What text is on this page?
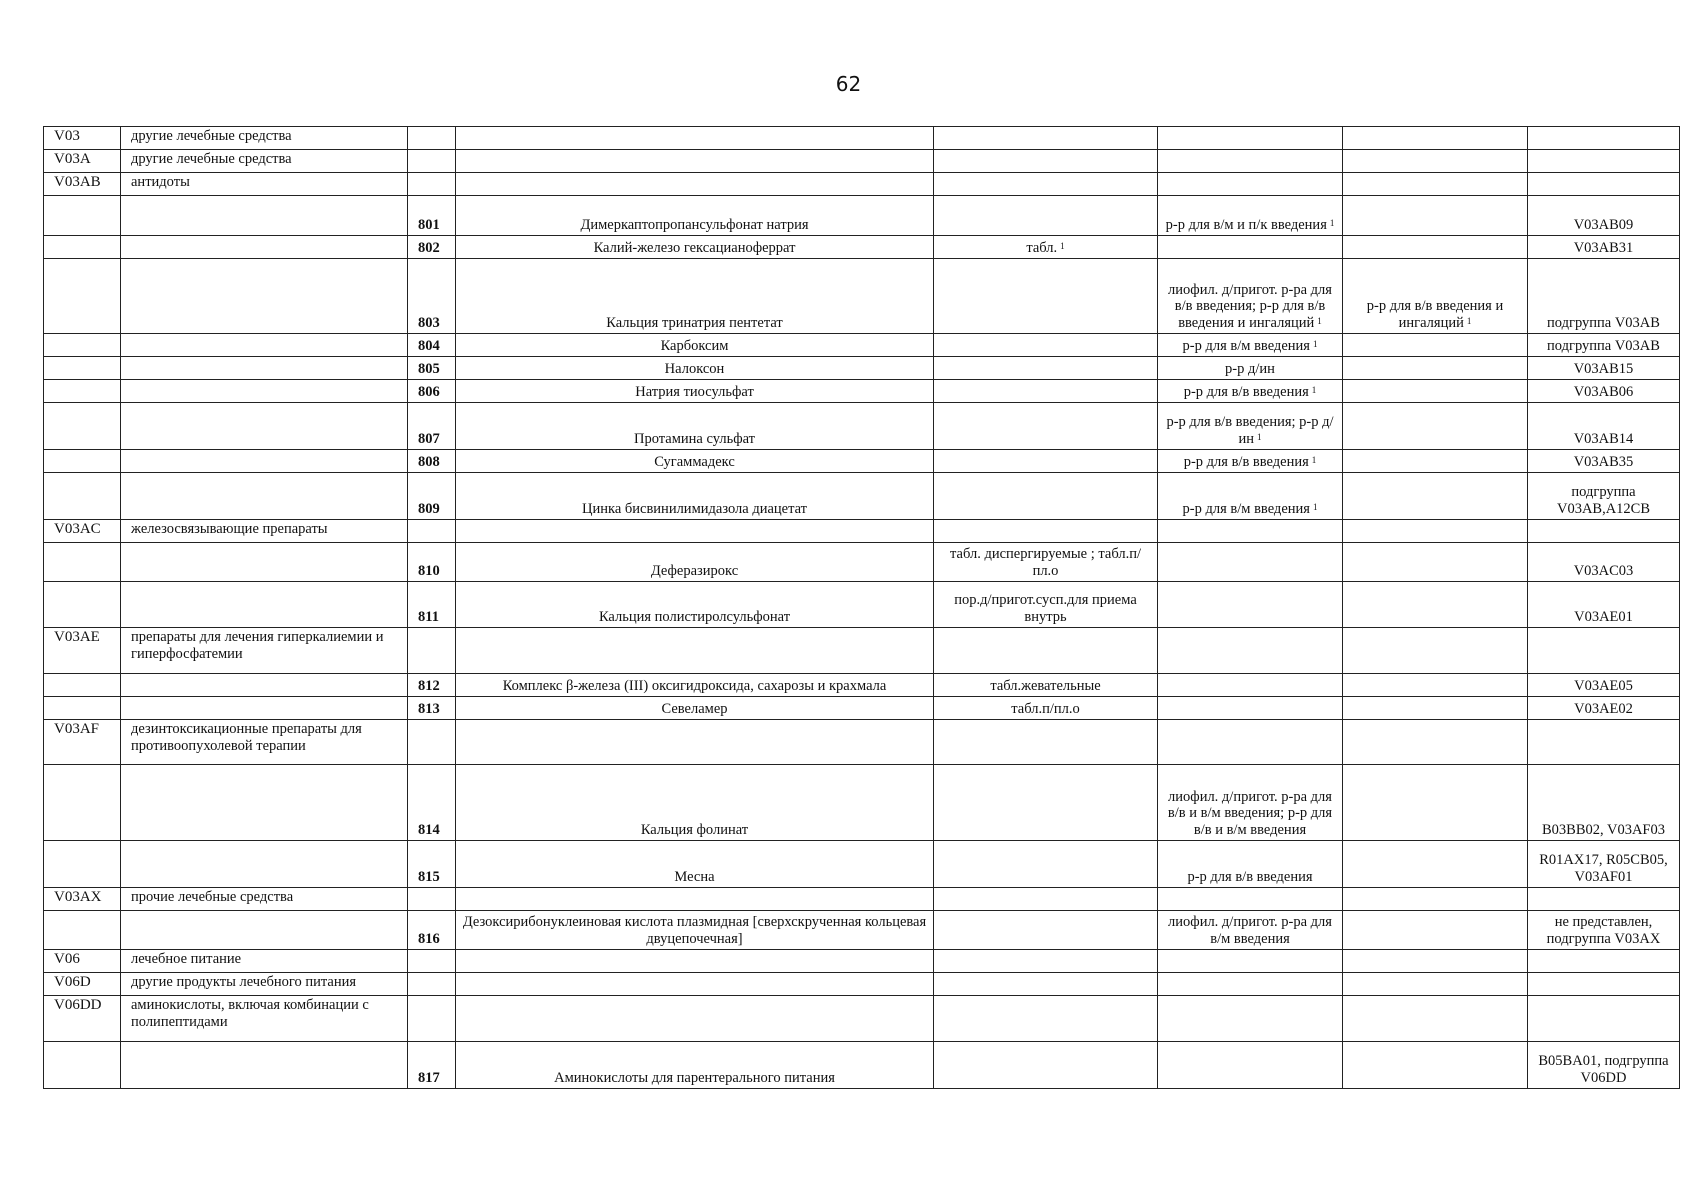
62
V03	другие лечебные средства						
V03A	другие лечебные средства						
V03AB	антидоты						
		801	Димеркаптопропансульфонат натрия		р-р для в/м и п/к введения $^1$		V03AB09
		802	Калий-железо гексацианоферрат	табл. $^1$			V03AB31
		803	Кальция тринатрия пентетат		лиофил. д/пригот. р-ра для в/в введения; р-р для в/в введения и ингаляций $^1$	р-р для в/в введения и ингаляций $^1$	подгруппа V03AB
		804	Карбоксим		р-р для в/м введения $^1$		подгруппа V03AB
		805	Налоксон		р-р д/ин		V03AB15
		806	Натрия тиосульфат		р-р для в/в введения $^1$		V03AB06
		807	Протамина сульфат		р-р для в/в введения; р-р д/ин $^1$		V03AB14
		808	Сугаммадекс		р-р для в/в введения $^1$		V03AB35
		809	Цинка бисвинилимидазола диацетат		р-р для в/м введения $^1$		подгруппа V03AB,A12CB
V03AC	железосвязывающие препараты						
		810	Деферазирокс	табл. диспергируемые ; табл.п/пл.о			V03AC03
		811	Кальция полистиролсульфонат	пор.д/пригот.сусп.для приема внутрь			V03AE01
V03AE	препараты для лечения гиперкалиемии и гиперфосфатемии						
		812	Комплекс β-железа (III) оксигидроксида, сахарозы и крахмала	табл.жевательные			V03AE05
		813	Севеламер	табл.п/пл.о			V03AE02
V03AF	дезинтоксикационные препараты для противоопухолевой терапии						
		814	Кальция фолинат		лиофил. д/пригот. р-ра для в/в и в/м введения; р-р для в/в и в/м введения		B03BB02, V03AF03
		815	Месна		р-р для в/в введения		R01AX17, R05CB05, V03AF01
V03AX	прочие лечебные средства						
		816	Дезоксирибонуклеиновая кислота плазмидная [сверхскрученная кольцевая двуцепочечная]		лиофил. д/пригот. р-ра для в/м введения		не представлен, подгруппа V03AX
V06	лечебное питание						
V06D	другие продукты лечебного питания						
V06DD	аминокислоты, включая комбинации с полипептидами						
		817	Аминокислоты для парентерального питания				B05BA01, подгруппа V06DD
